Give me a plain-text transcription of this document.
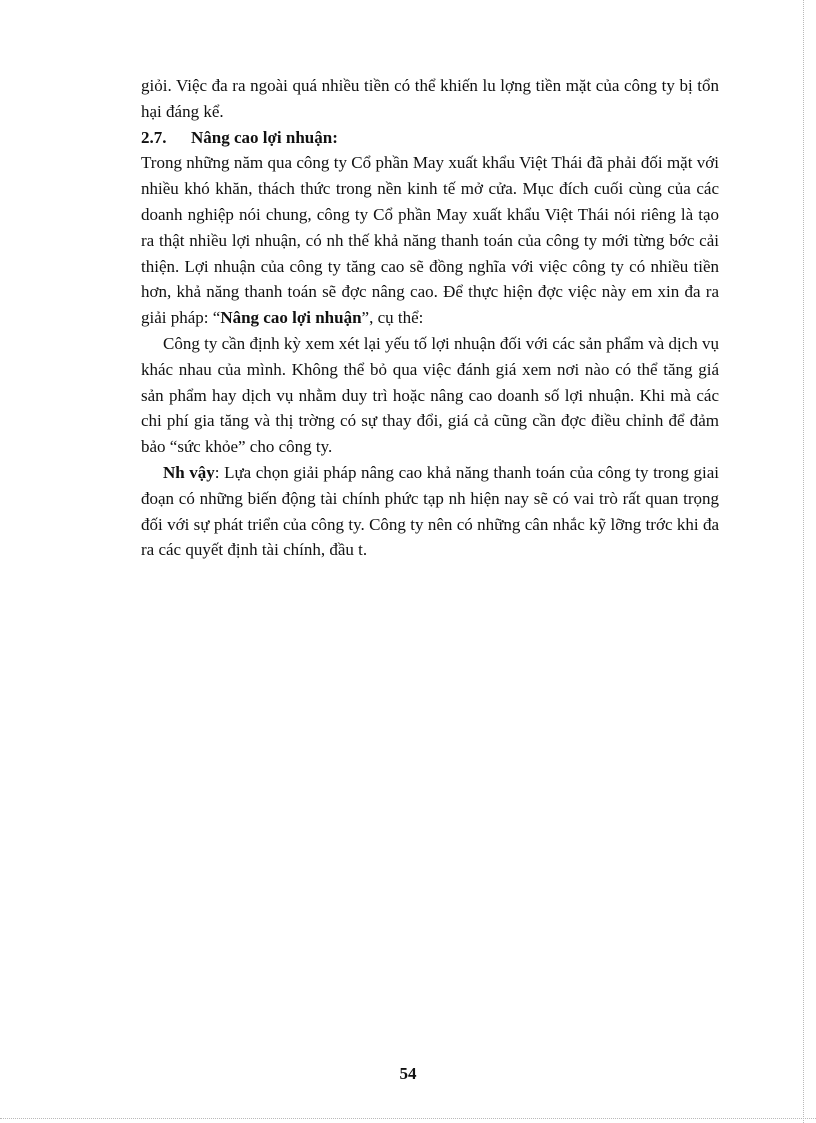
giỏi. Việc đa ra ngoài quá nhiều tiền có thể khiến lu lợng tiền mặt của công ty bị tổn hại đáng kể.

2.7. Nâng cao lợi nhuận:

Trong những năm qua công ty Cổ phần May xuất khẩu Việt Thái đã phải đối mặt với nhiều khó khăn, thách thức trong nền kinh tế mở cửa. Mục đích cuối cùng của các doanh nghiệp nói chung, công ty Cổ phần May xuất khẩu Việt Thái nói riêng là tạo ra thật nhiều lợi nhuận, có nh thế khả năng thanh toán của công ty mới từng bớc cải thiện. Lợi nhuận của công ty tăng cao sẽ đồng nghĩa với việc công ty có nhiều tiền hơn, khả năng thanh toán sẽ đợc nâng cao. Để thực hiện đợc việc này em xin đa ra giải pháp: “Nâng cao lợi nhuận”, cụ thể:

Công ty cần định kỳ xem xét lại yếu tố lợi nhuận đối với các sản phẩm và dịch vụ khác nhau của mình. Không thể bỏ qua việc đánh giá xem nơi nào có thể tăng giá sản phẩm hay dịch vụ nhằm duy trì hoặc nâng cao doanh số lợi nhuận. Khi mà các chi phí gia tăng và thị trờng có sự thay đổi, giá cả cũng cần đợc điều chỉnh để đảm bảo “sức khỏe” cho công ty.

Nh vậy: Lựa chọn giải pháp nâng cao khả năng thanh toán của công ty trong giai đoạn có những biến động tài chính phức tạp nh hiện nay sẽ có vai trò rất quan trọng đối với sự phát triển của công ty. Công ty nên có những cân nhắc kỹ lỡng trớc khi đa ra các quyết định tài chính, đầu t.

54
